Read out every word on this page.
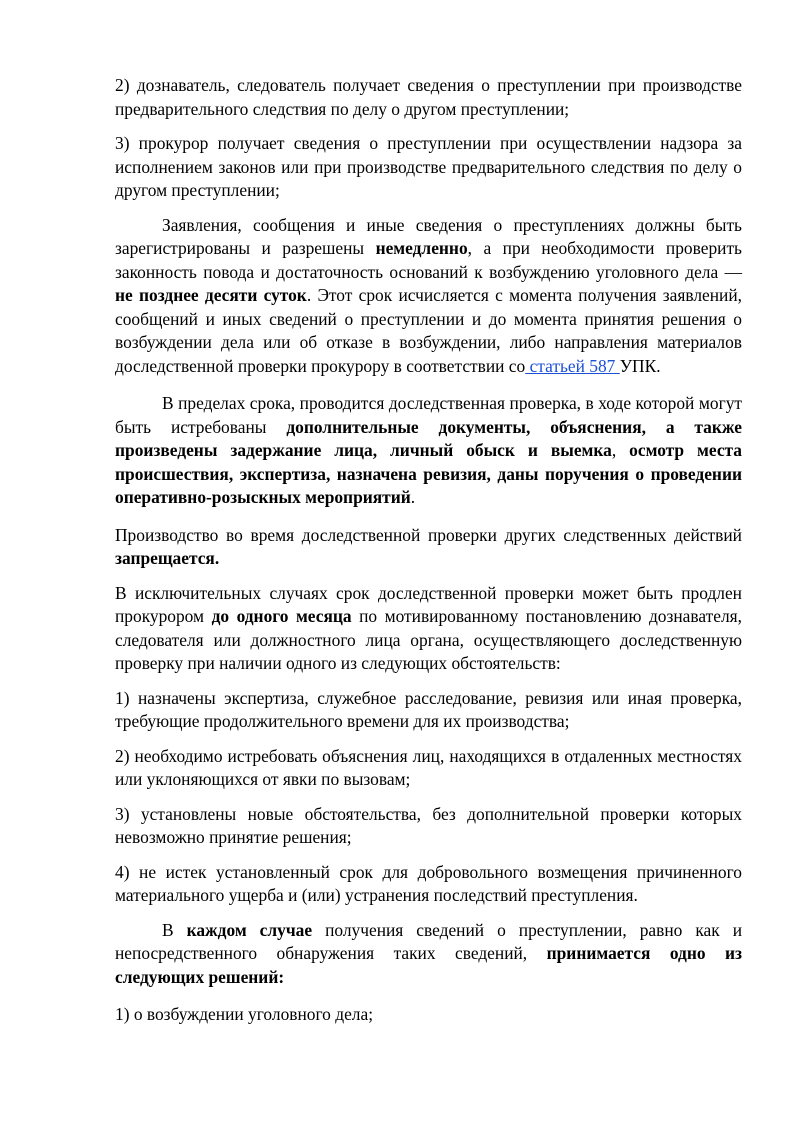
2) дознаватель, следователь получает сведения о преступлении при производстве предварительного следствия по делу о другом преступлении;

3) прокурор получает сведения о преступлении при осуществлении надзора за исполнением законов или при производстве предварительного следствия по делу о другом преступлении;

Заявления, сообщения и иные сведения о преступлениях должны быть зарегистрированы и разрешены немедленно, а при необходимости проверить законность повода и достаточность оснований к возбуждению уголовного дела — не позднее десяти суток. Этот срок исчисляется с момента получения заявлений, сообщений и иных сведений о преступлении и до момента принятия решения о возбуждении дела или об отказе в возбуждении, либо направления материалов доследственной проверки прокурору в соответствии со статьей 587 УПК.

В пределах срока, проводится доследственная проверка, в ходе которой могут быть истребованы дополнительные документы, объяснения, а также произведены задержание лица, личный обыск и выемка, осмотр места происшествия, экспертиза, назначена ревизия, даны поручения о проведении оперативно-розыскных мероприятий.

Производство во время доследственной проверки других следственных действий запрещается.

В исключительных случаях срок доследственной проверки может быть продлен прокурором до одного месяца по мотивированному постановлению дознавателя, следователя или должностного лица органа, осуществляющего доследственную проверку при наличии одного из следующих обстоятельств:

1) назначены экспертиза, служебное расследование, ревизия или иная проверка, требующие продолжительного времени для их производства;

2) необходимо истребовать объяснения лиц, находящихся в отдаленных местностях или уклоняющихся от явки по вызовам;

3) установлены новые обстоятельства, без дополнительной проверки которых невозможно принятие решения;

4) не истек установленный срок для добровольного возмещения причиненного материального ущерба и (или) устранения последствий преступления.

В каждом случае получения сведений о преступлении, равно как и непосредственного обнаружения таких сведений, принимается одно из следующих решений:

1) о возбуждении уголовного дела;
